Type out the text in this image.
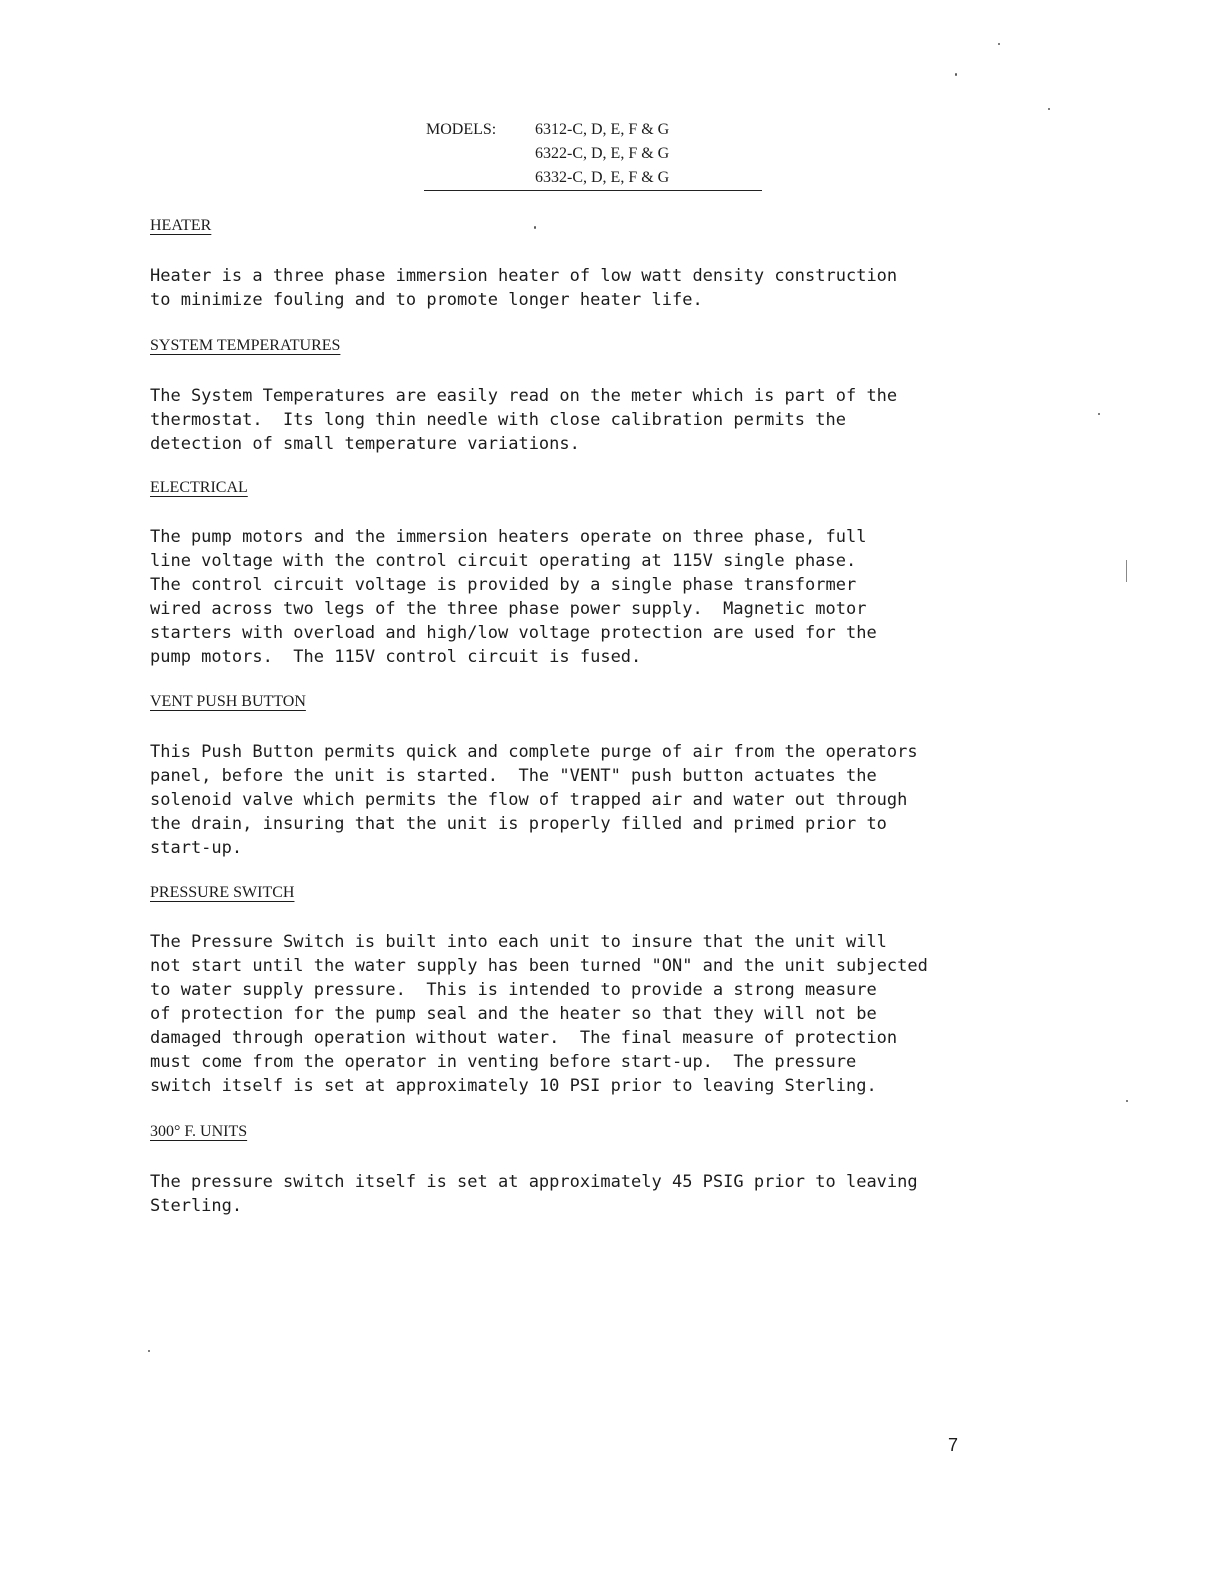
MODELS: 6312-C, D, E, F & G
6322-C, D, E, F & G
6332-C, D, E, F & G
HEATER
Heater is a three phase immersion heater of low watt density construction
to minimize fouling and to promote longer heater life.
SYSTEM TEMPERATURES
The System Temperatures are easily read on the meter which is part of the
thermostat.  Its long thin needle with close calibration permits the
detection of small temperature variations.
ELECTRICAL
The pump motors and the immersion heaters operate on three phase, full
line voltage with the control circuit operating at 115V single phase.
The control circuit voltage is provided by a single phase transformer
wired across two legs of the three phase power supply.  Magnetic motor
starters with overload and high/low voltage protection are used for the
pump motors.  The 115V control circuit is fused.
VENT PUSH BUTTON
This Push Button permits quick and complete purge of air from the operators
panel, before the unit is started.  The "VENT" push button actuates the
solenoid valve which permits the flow of trapped air and water out through
the drain, insuring that the unit is properly filled and primed prior to
start-up.
PRESSURE SWITCH
The Pressure Switch is built into each unit to insure that the unit will
not start until the water supply has been turned "ON" and the unit subjected
to water supply pressure.  This is intended to provide a strong measure
of protection for the pump seal and the heater so that they will not be
damaged through operation without water.  The final measure of protection
must come from the operator in venting before start-up.  The pressure
switch itself is set at approximately 10 PSI prior to leaving Sterling.
300° F. UNITS
The pressure switch itself is set at approximately 45 PSIG prior to leaving
Sterling.
7
